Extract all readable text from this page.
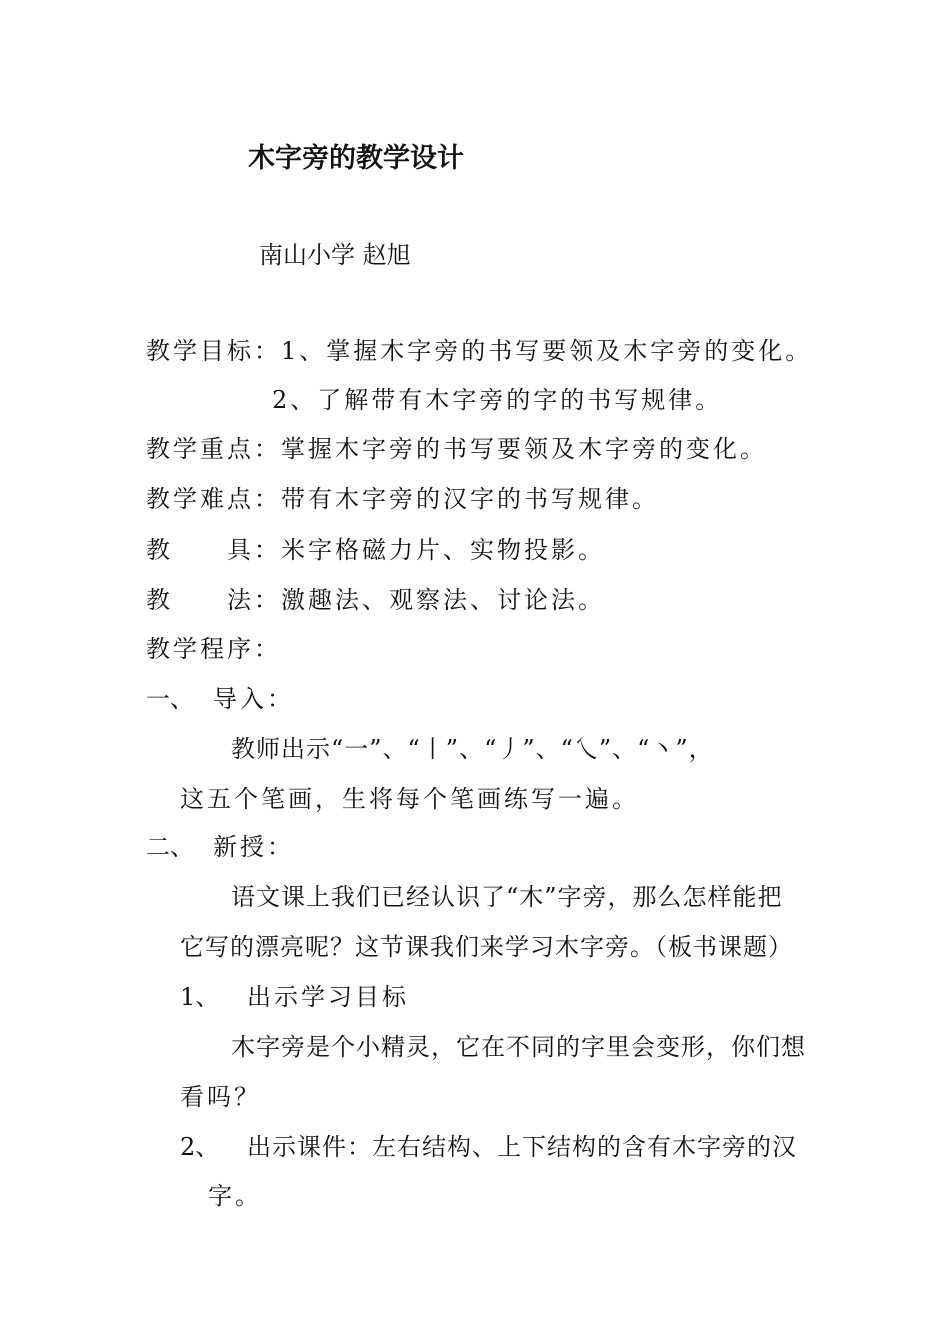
木字旁的教学设计
南山小学 赵旭
教学目标：1、掌握木字旁的书写要领及木字旁的变化。
2、了解带有木字旁的字的书写规律。
教学重点：掌握木字旁的书写要领及木字旁的变化。
教学难点：带有木字旁的汉字的书写规律。
教　　具：米字格磁力片、实物投影。
教　　法：激趣法、观察法、讨论法。
教学程序：
一、 导入：
教师出示“一”、“丨”、“丿”、“乀”、“丶”，
这五个笔画，生将每个笔画练写一遍。
二、 新授：
语文课上我们已经认识了“木”字旁，那么怎样能把
它写的漂亮呢？这节课我们来学习木字旁。（板书课题）
1、 出示学习目标
木字旁是个小精灵，它在不同的字里会变形，你们想
看吗？
2、 出示课件：左右结构、上下结构的含有木字旁的汉
字。
